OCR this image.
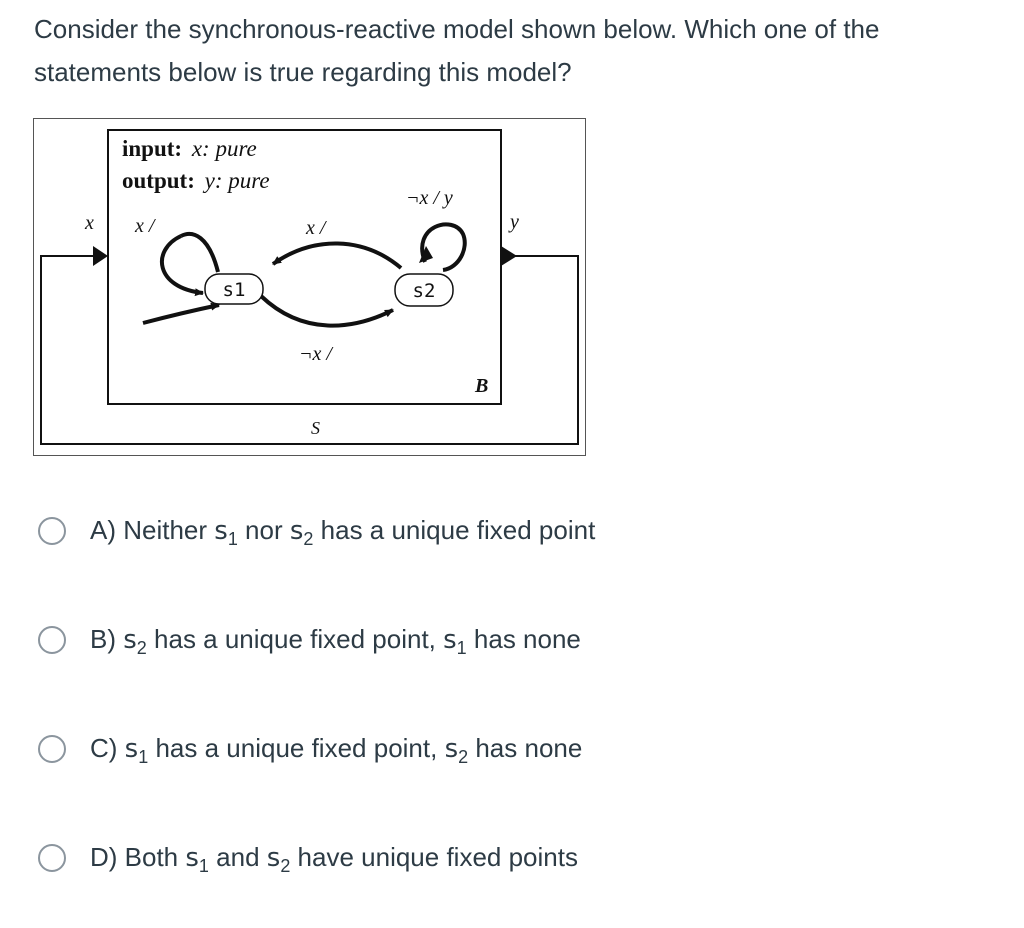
Consider the synchronous-reactive model shown below. Which one of the statements below is true regarding this model?
input: x: pure
output: y: pure
x	y
s1	s2
x /	x /
¬x / y
¬x /
B
S
A) Neither $s_1$ nor $s_2$ has a unique fixed point
B) $s_2$ has a unique fixed point, $s_1$ has none
C) $s_1$ has a unique fixed point, $s_2$ has none
D) Both $s_1$ and $s_2$ have unique fixed points
